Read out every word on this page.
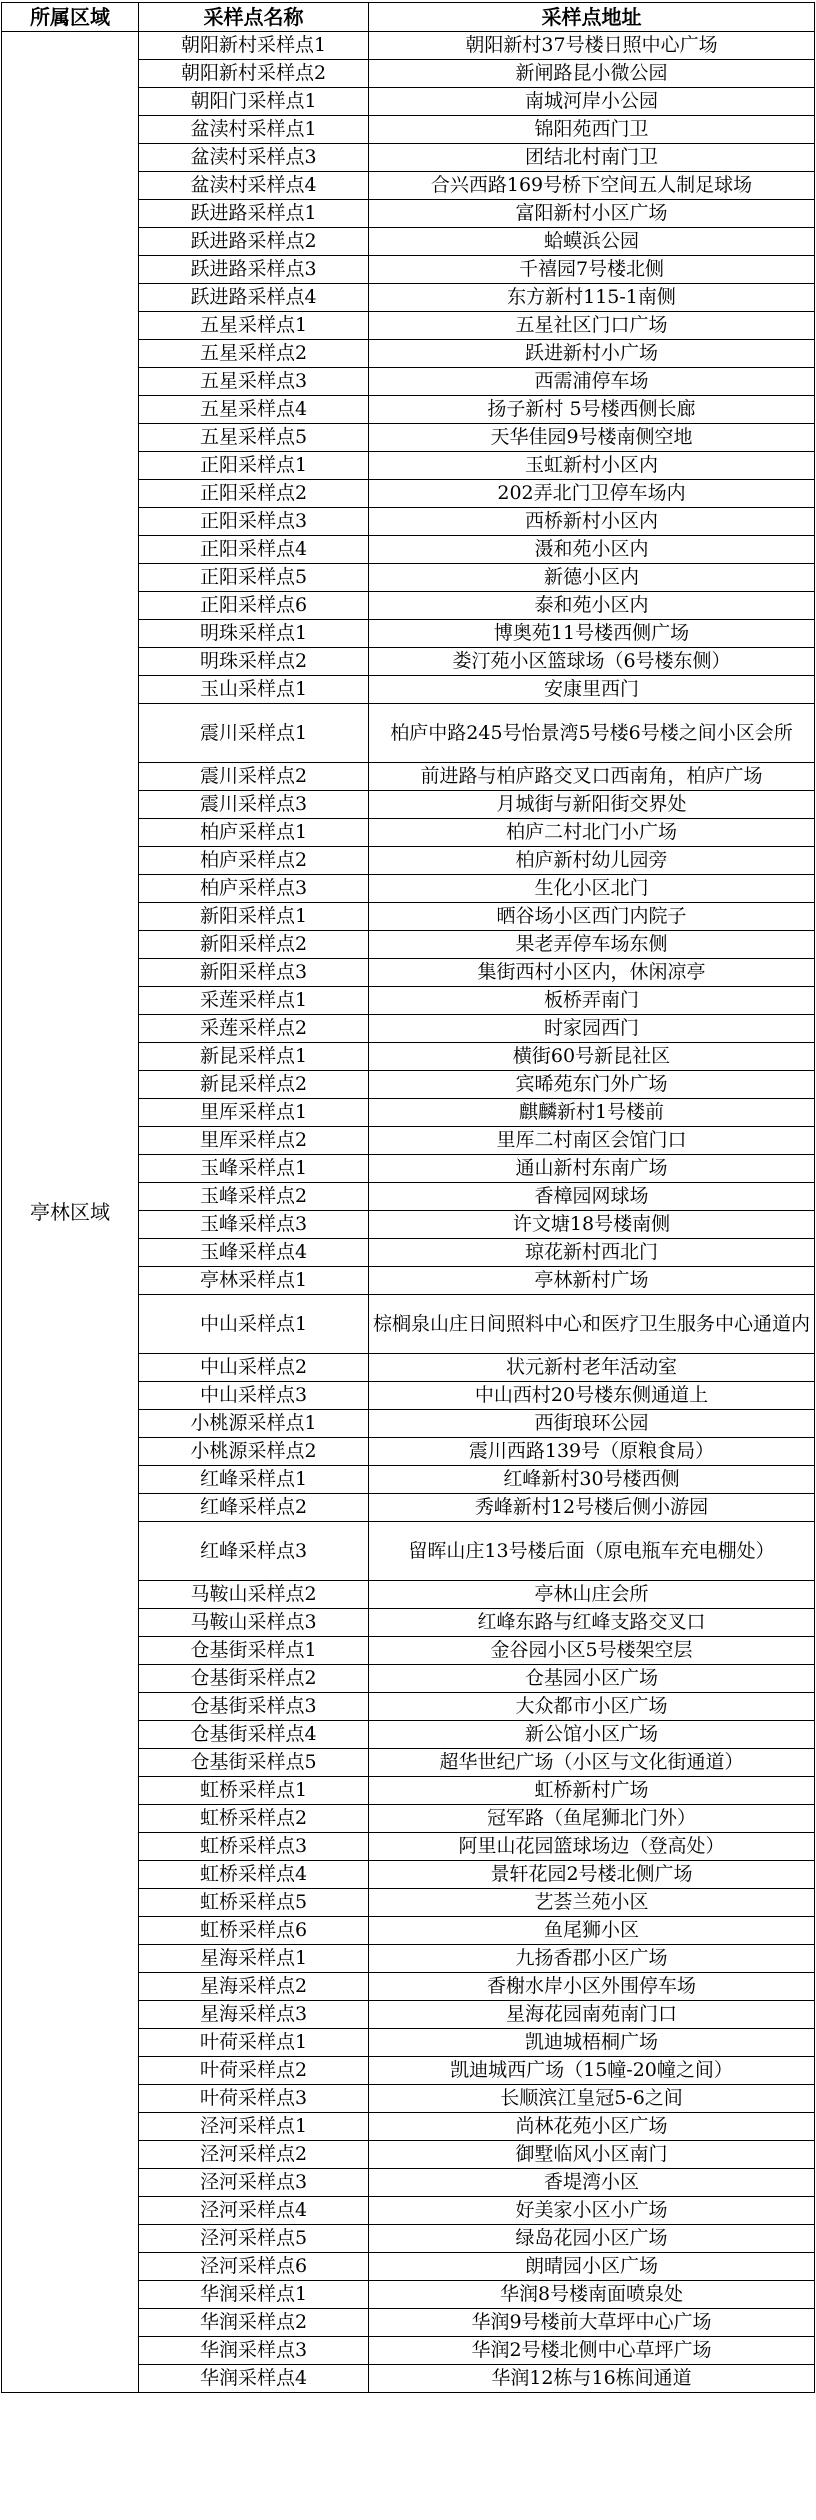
所属区域	采样点名称	采样点地址
亭林区域	朝阳新村采样点1	朝阳新村37号楼日照中心广场
	朝阳新村采样点2	新闸路昆小微公园
	朝阳门采样点1	南城河岸小公园
	盆渎村采样点1	锦阳苑西门卫
	盆渎村采样点3	团结北村南门卫
	盆渎村采样点4	合兴西路169号桥下空间五人制足球场
	跃进路采样点1	富阳新村小区广场
	跃进路采样点2	蛤蟆浜公园
	跃进路采样点3	千禧园7号楼北侧
	跃进路采样点4	东方新村115-1南侧
	五星采样点1	五星社区门口广场
	五星采样点2	跃进新村小广场
	五星采样点3	西需浦停车场
	五星采样点4	扬子新村 5号楼西侧长廊
	五星采样点5	天华佳园9号楼南侧空地
	正阳采样点1	玉虹新村小区内
	正阳采样点2	202弄北门卫停车场内
	正阳采样点3	西桥新村小区内
	正阳采样点4	滠和苑小区内
	正阳采样点5	新德小区内
	正阳采样点6	泰和苑小区内
	明珠采样点1	博奥苑11号楼西侧广场
	明珠采样点2	娄汀苑小区篮球场（6号楼东侧）
	玉山采样点1	安康里西门
	震川采样点1	柏庐中路245号怡景湾5号楼6号楼之间小区会所
	震川采样点2	前进路与柏庐路交叉口西南角，柏庐广场
	震川采样点3	月城街与新阳街交界处
	柏庐采样点1	柏庐二村北门小广场
	柏庐采样点2	柏庐新村幼儿园旁
	柏庐采样点3	生化小区北门
	新阳采样点1	晒谷场小区西门内院子
	新阳采样点2	果老弄停车场东侧
	新阳采样点3	集街西村小区内，休闲凉亭
	采莲采样点1	板桥弄南门
	采莲采样点2	时家园西门
	新昆采样点1	横街60号新昆社区
	新昆采样点2	宾晞苑东门外广场
	里厍采样点1	麒麟新村1号楼前
	里厍采样点2	里厍二村南区会馆门口
	玉峰采样点1	通山新村东南广场
	玉峰采样点2	香樟园网球场
	玉峰采样点3	许文塘18号楼南侧
	玉峰采样点4	琼花新村西北门
	亭林采样点1	亭林新村广场
	中山采样点1	棕榈泉山庄日间照料中心和医疗卫生服务中心通道内
	中山采样点2	状元新村老年活动室
	中山采样点3	中山西村20号楼东侧通道上
	小桃源采样点1	西街琅环公园
	小桃源采样点2	震川西路139号（原粮食局）
	红峰采样点1	红峰新村30号楼西侧
	红峰采样点2	秀峰新村12号楼后侧小游园
	红峰采样点3	留晖山庄13号楼后面（原电瓶车充电棚处）
	马鞍山采样点2	亭林山庄会所
	马鞍山采样点3	红峰东路与红峰支路交叉口
	仓基街采样点1	金谷园小区5号楼架空层
	仓基街采样点2	仓基园小区广场
	仓基街采样点3	大众都市小区广场
	仓基街采样点4	新公馆小区广场
	仓基街采样点5	超华世纪广场（小区与文化街通道）
	虹桥采样点1	虹桥新村广场
	虹桥采样点2	冠军路（鱼尾狮北门外）
	虹桥采样点3	阿里山花园篮球场边（登高处）
	虹桥采样点4	景轩花园2号楼北侧广场
	虹桥采样点5	艺荟兰苑小区
	虹桥采样点6	鱼尾狮小区
	星海采样点1	九扬香郡小区广场
	星海采样点2	香榭水岸小区外围停车场
	星海采样点3	星海花园南苑南门口
	叶荷采样点1	凯迪城梧桐广场
	叶荷采样点2	凯迪城西广场（15幢-20幢之间）
	叶荷采样点3	长顺滨江皇冠5-6之间
	泾河采样点1	尚林花苑小区广场
	泾河采样点2	御墅临风小区南门
	泾河采样点3	香堤湾小区
	泾河采样点4	好美家小区小广场
	泾河采样点5	绿岛花园小区广场
	泾河采样点6	朗晴园小区广场
	华润采样点1	华润8号楼南面喷泉处
	华润采样点2	华润9号楼前大草坪中心广场
	华润采样点3	华润2号楼北侧中心草坪广场
	华润采样点4	华润12栋与16栋间通道
